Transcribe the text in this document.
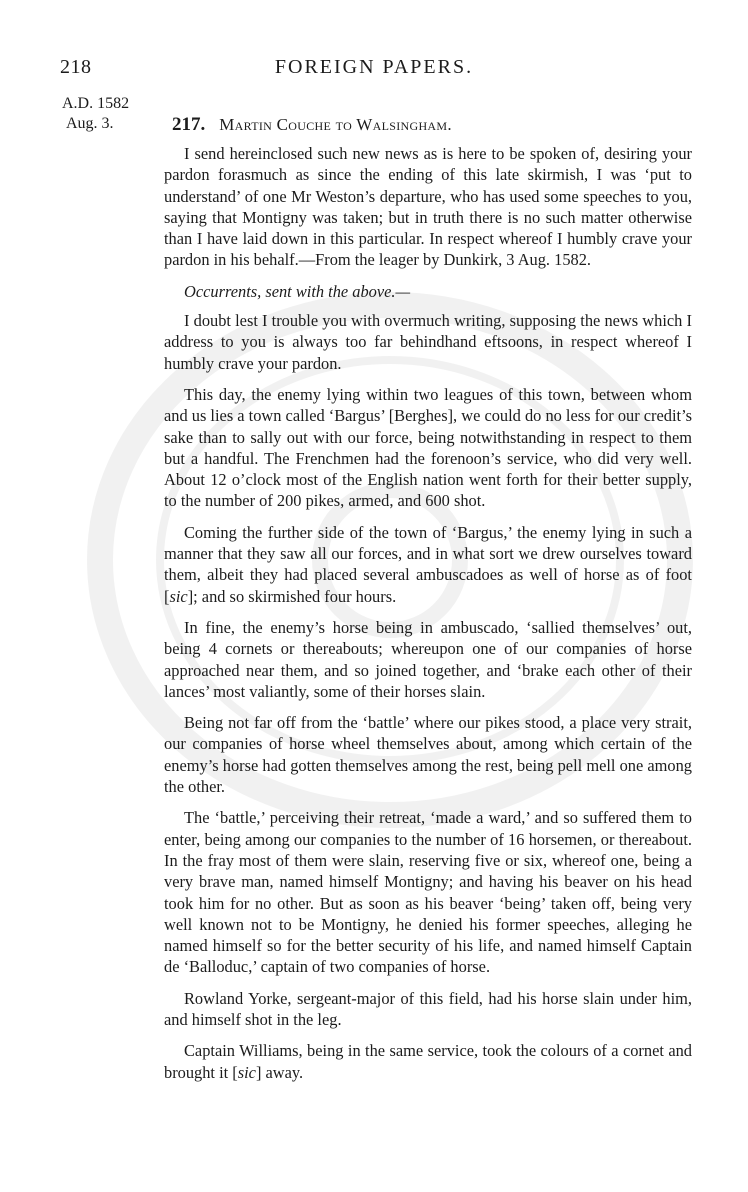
218	FOREIGN PAPERS.
A.D. 1582
Aug. 3.	217. Martin Couche to Walsingham.

I send hereinclosed such new news as is here to be spoken of, desiring your pardon forasmuch as since the ending of this late skirmish, I was ‘put to understand’ of one Mr Weston’s departure, who has used some speeches to you, saying that Montigny was taken; but in truth there is no such matter otherwise than I have laid down in this particular. In respect whereof I humbly crave your pardon in his behalf.—From the leager by Dunkirk, 3 Aug. 1582.

Occurrents, sent with the above.—

I doubt lest I trouble you with overmuch writing, supposing the news which I address to you is always too far behindhand eftsoons, in respect whereof I humbly crave your pardon.

This day, the enemy lying within two leagues of this town, between whom and us lies a town called ‘Bargus’ [Berghes], we could do no less for our credit’s sake than to sally out with our force, being notwithstanding in respect to them but a handful. The Frenchmen had the forenoon’s service, who did very well. About 12 o’clock most of the English nation went forth for their better supply, to the number of 200 pikes, armed, and 600 shot.

Coming the further side of the town of ‘Bargus,’ the enemy lying in such a manner that they saw all our forces, and in what sort we drew ourselves toward them, albeit they had placed several ambuscadoes as well of horse as of foot [sic]; and so skirmished four hours.

In fine, the enemy’s horse being in ambuscado, ‘sallied themselves’ out, being 4 cornets or thereabouts; whereupon one of our companies of horse approached near them, and so joined together, and ‘brake each other of their lances’ most valiantly, some of their horses slain.

Being not far off from the ‘battle’ where our pikes stood, a place very strait, our companies of horse wheel themselves about, among which certain of the enemy’s horse had gotten themselves among the rest, being pell mell one among the other.

The ‘battle,’ perceiving their retreat, ‘made a ward,’ and so suffered them to enter, being among our companies to the number of 16 horsemen, or thereabout. In the fray most of them were slain, reserving five or six, whereof one, being a very brave man, named himself Montigny; and having his beaver on his head took him for no other. But as soon as his beaver ‘being’ taken off, being very well known not to be Montigny, he denied his former speeches, alleging he named himself so for the better security of his life, and named himself Captain de ‘Balloduc,’ captain of two companies of horse.

Rowland Yorke, sergeant-major of this field, had his horse slain under him, and himself shot in the leg.

Captain Williams, being in the same service, took the colours of a cornet and brought it [sic] away.
